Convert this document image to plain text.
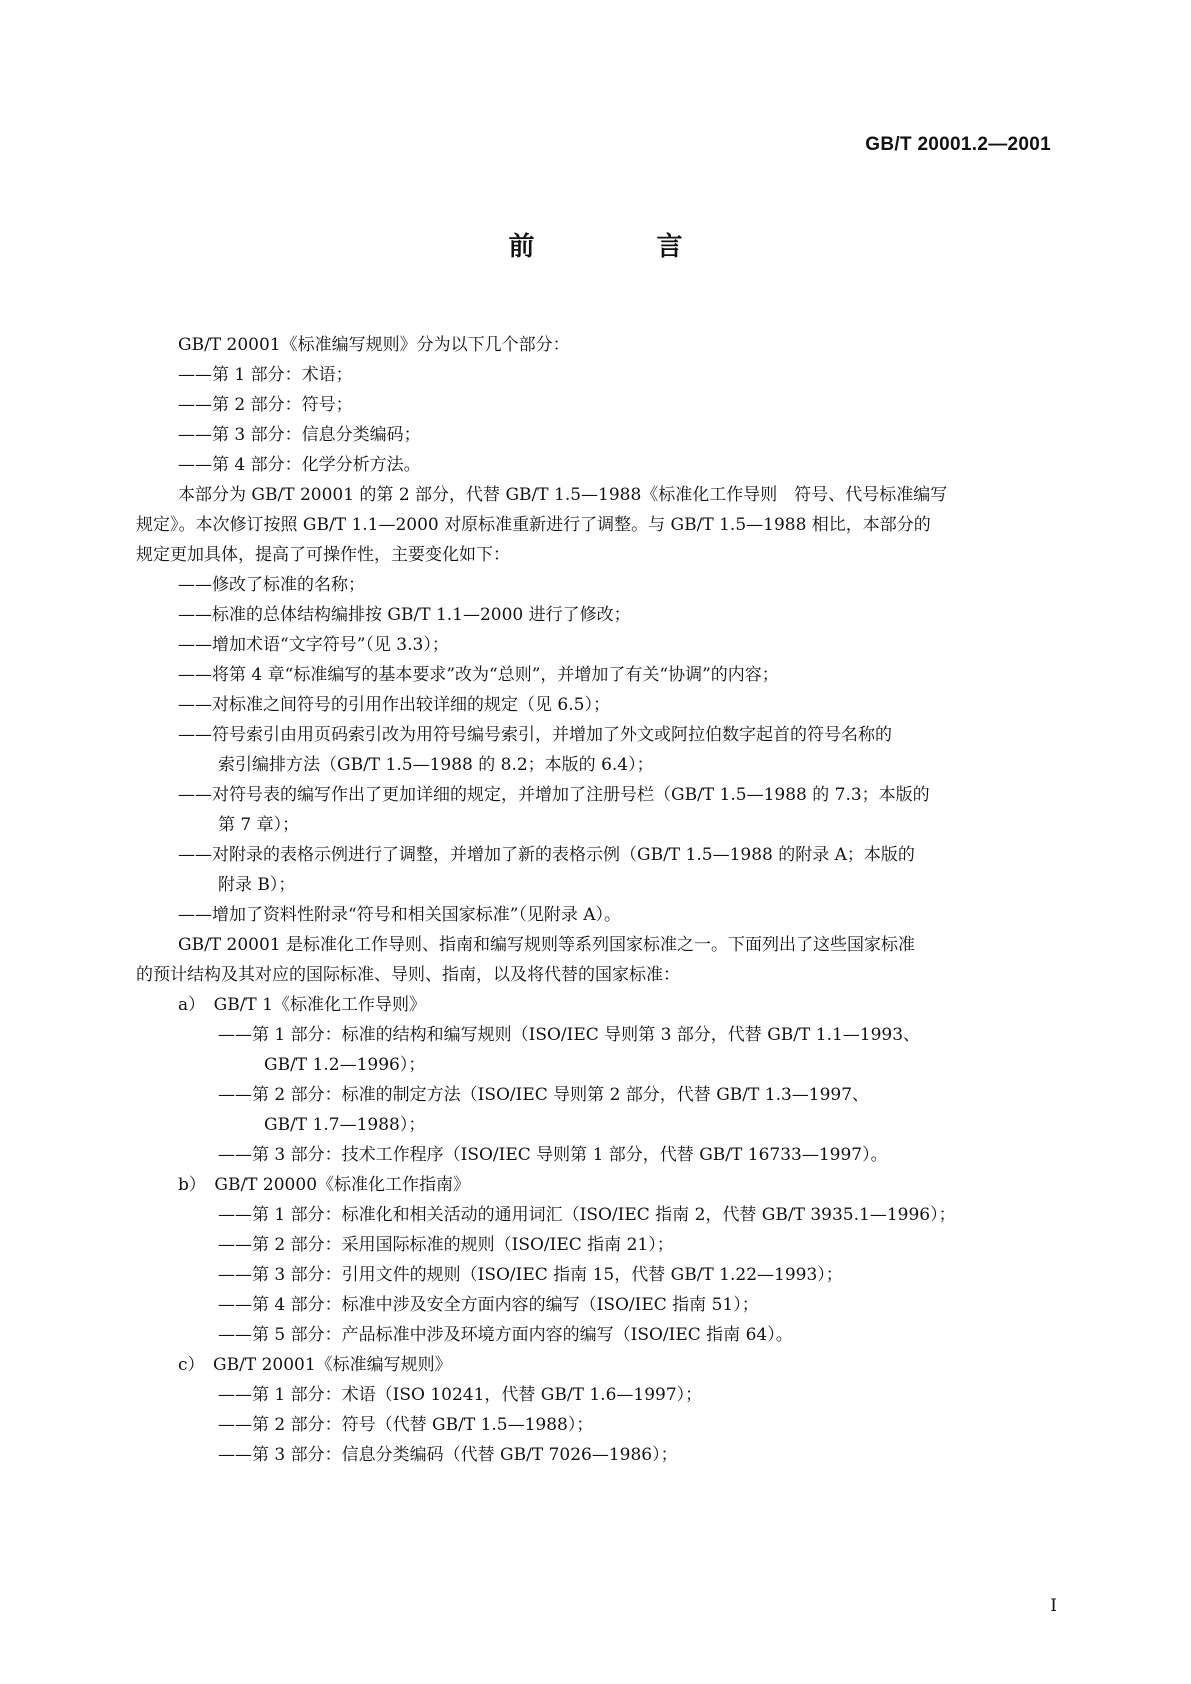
GB/T 20001.2—2001
前　言
GB/T 20001《标准编写规则》分为以下几个部分：
——第 1 部分：术语；
——第 2 部分：符号；
——第 3 部分：信息分类编码；
——第 4 部分：化学分析方法。
本部分为 GB/T 20001 的第 2 部分，代替 GB/T 1.5—1988《标准化工作导则　符号、代号标准编写
规定》。本次修订按照 GB/T 1.1—2000 对原标准重新进行了调整。与 GB/T 1.5—1988 相比，本部分的
规定更加具体，提高了可操作性，主要变化如下：
——修改了标准的名称；
——标准的总体结构编排按 GB/T 1.1—2000 进行了修改；
——增加术语“文字符号”（见 3.3）；
——将第 4 章“标准编写的基本要求”改为“总则”，并增加了有关“协调”的内容；
——对标准之间符号的引用作出较详细的规定（见 6.5）；
——符号索引由用页码索引改为用符号编号索引，并增加了外文或阿拉伯数字起首的符号名称的
索引编排方法（GB/T 1.5—1988 的 8.2；本版的 6.4）；
——对符号表的编写作出了更加详细的规定，并增加了注册号栏（GB/T 1.5—1988 的 7.3；本版的
第 7 章）；
——对附录的表格示例进行了调整，并增加了新的表格示例（GB/T 1.5—1988 的附录 A；本版的
附录 B）；
——增加了资料性附录“符号和相关国家标准”（见附录 A）。
GB/T 20001 是标准化工作导则、指南和编写规则等系列国家标准之一。下面列出了这些国家标准
的预计结构及其对应的国际标准、导则、指南，以及将代替的国家标准：
a）　GB/T 1《标准化工作导则》
——第 1 部分：标准的结构和编写规则（ISO/IEC 导则第 3 部分，代替 GB/T 1.1—1993、
GB/T 1.2—1996）；
——第 2 部分：标准的制定方法（ISO/IEC 导则第 2 部分，代替 GB/T 1.3—1997、
GB/T 1.7—1988）；
——第 3 部分：技术工作程序（ISO/IEC 导则第 1 部分，代替 GB/T 16733—1997）。
b）　GB/T 20000《标准化工作指南》
——第 1 部分：标准化和相关活动的通用词汇（ISO/IEC 指南 2，代替 GB/T 3935.1—1996）；
——第 2 部分：采用国际标准的规则（ISO/IEC 指南 21）；
——第 3 部分：引用文件的规则（ISO/IEC 指南 15，代替 GB/T 1.22—1993）；
——第 4 部分：标准中涉及安全方面内容的编写（ISO/IEC 指南 51）；
——第 5 部分：产品标准中涉及环境方面内容的编写（ISO/IEC 指南 64）。
c）　GB/T 20001《标准编写规则》
——第 1 部分：术语（ISO 10241，代替 GB/T 1.6—1997）；
——第 2 部分：符号（代替 GB/T 1.5—1988）；
——第 3 部分：信息分类编码（代替 GB/T 7026—1986）；
I
